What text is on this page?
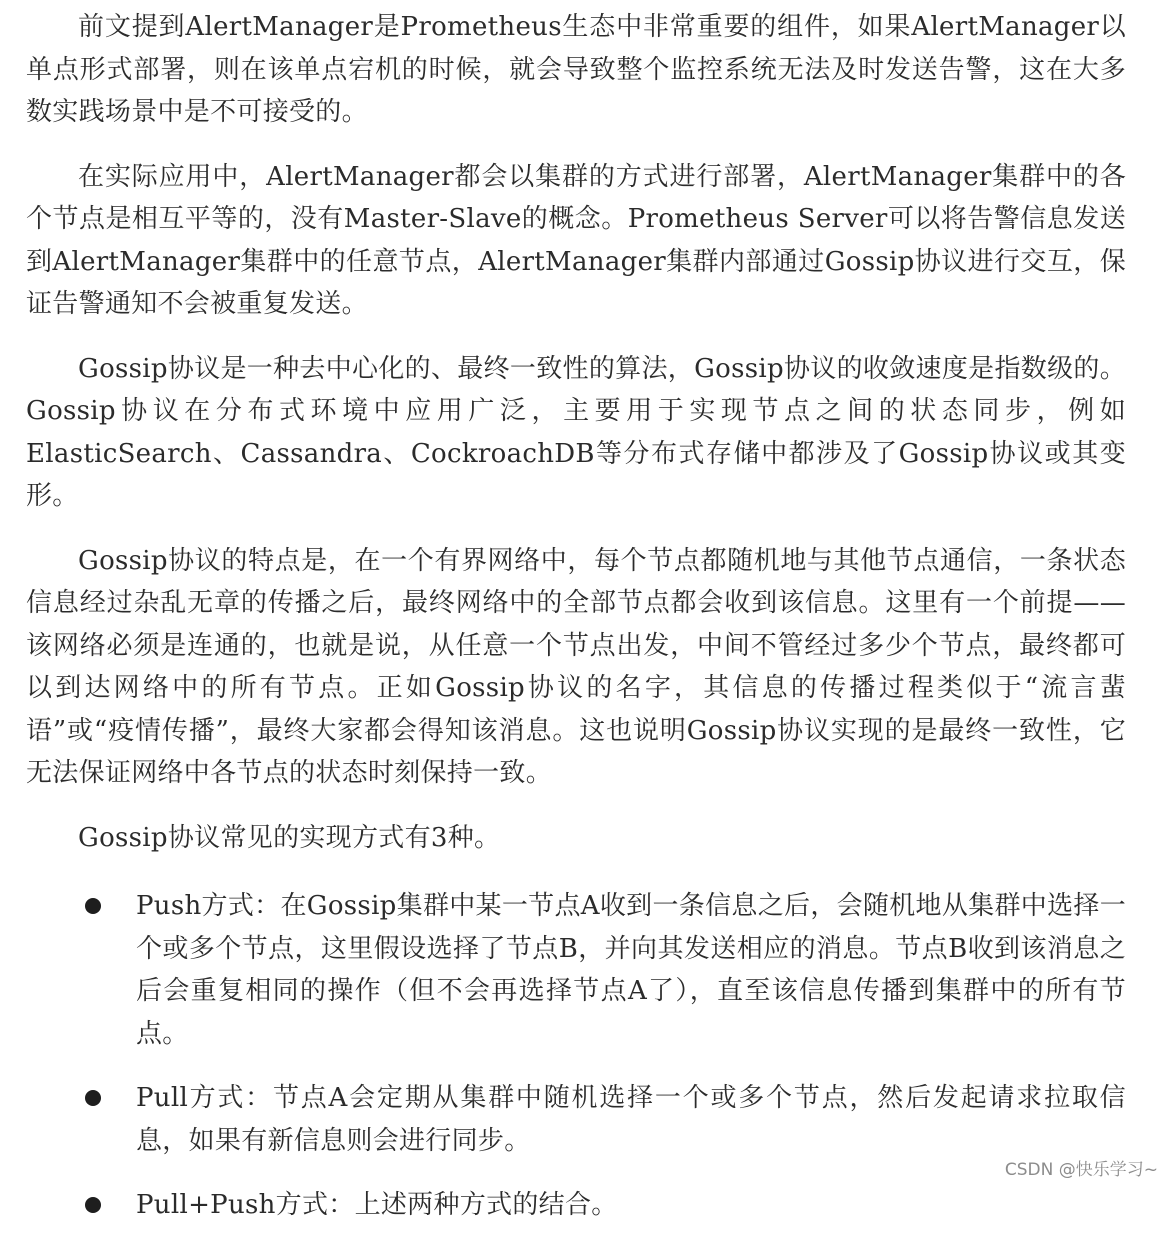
前文提到AlertManager是Prometheus生态中非常重要的组件，如果AlertManager以单点形式部署，则在该单点宕机的时候，就会导致整个监控系统无法及时发送告警，这在大多数实践场景中是不可接受的。

在实际应用中，AlertManager都会以集群的方式进行部署，AlertManager集群中的各个节点是相互平等的，没有Master-Slave的概念。Prometheus Server可以将告警信息发送到AlertManager集群中的任意节点，AlertManager集群内部通过Gossip协议进行交互，保证告警通知不会被重复发送。

Gossip协议是一种去中心化的、最终一致性的算法，Gossip协议的收敛速度是指数级的。Gossip协议在分布式环境中应用广泛，主要用于实现节点之间的状态同步，例如ElasticSearch、Cassandra、CockroachDB等分布式存储中都涉及了Gossip协议或其变形。

Gossip协议的特点是，在一个有界网络中，每个节点都随机地与其他节点通信，一条状态信息经过杂乱无章的传播之后，最终网络中的全部节点都会收到该信息。这里有一个前提——该网络必须是连通的，也就是说，从任意一个节点出发，中间不管经过多少个节点，最终都可以到达网络中的所有节点。正如Gossip协议的名字，其信息的传播过程类似于“流言蜚语”或“疫情传播”，最终大家都会得知该消息。这也说明Gossip协议实现的是最终一致性，它无法保证网络中各节点的状态时刻保持一致。

Gossip协议常见的实现方式有3种。

Push方式：在Gossip集群中某一节点A收到一条信息之后，会随机地从集群中选择一个或多个节点，这里假设选择了节点B，并向其发送相应的消息。节点B收到该消息之后会重复相同的操作（但不会再选择节点A了），直至该信息传播到集群中的所有节点。
Pull方式：节点A会定期从集群中随机选择一个或多个节点，然后发起请求拉取信息，如果有新信息则会进行同步。
Pull+Push方式：上述两种方式的结合。
CSDN @快乐学习~
